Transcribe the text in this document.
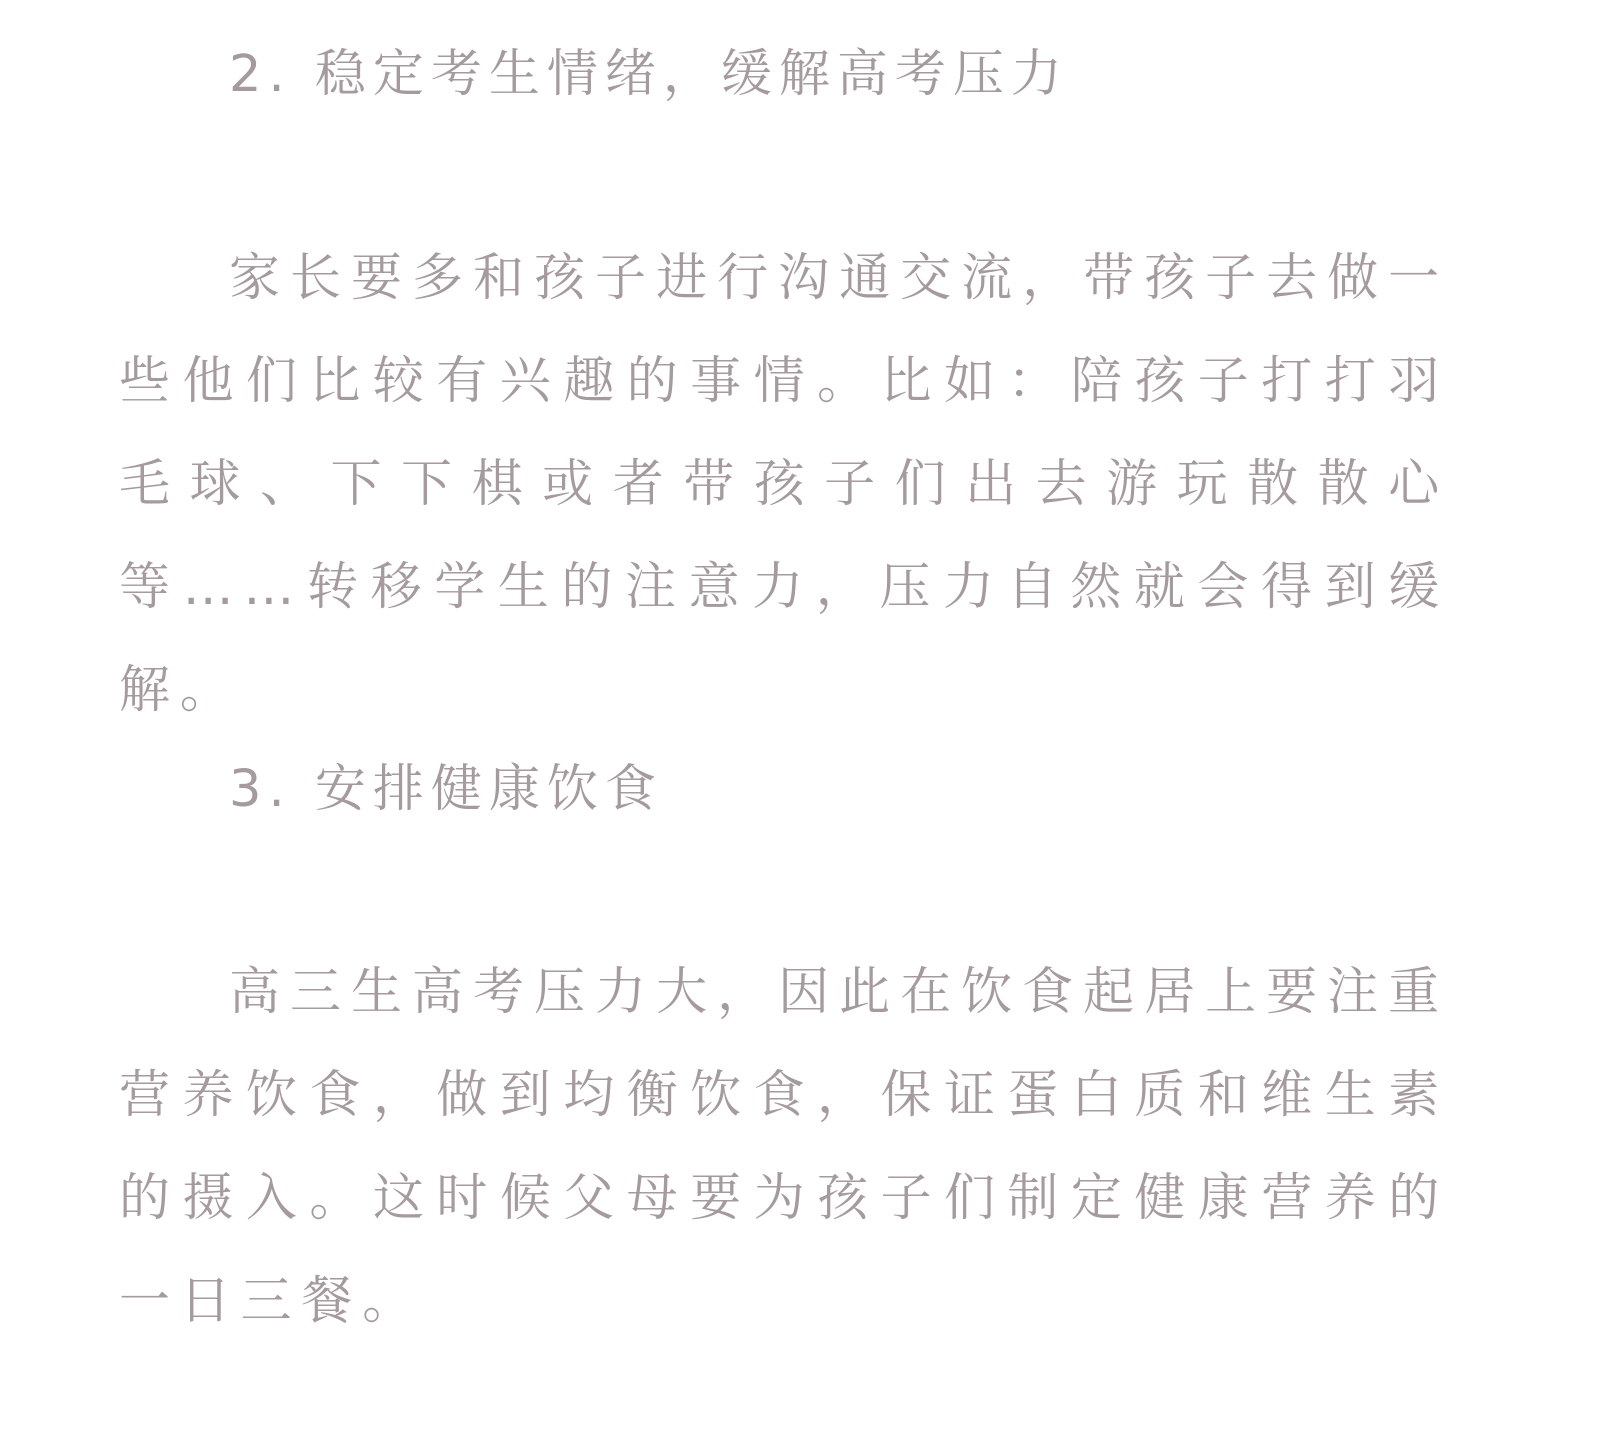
2. 稳定考生情绪，缓解高考压力

家长要多和孩子进行沟通交流，带孩子去做一些他们比较有兴趣的事情。比如：陪孩子打打羽毛球、下下棋或者带孩子们出去游玩散散心等……转移学生的注意力，压力自然就会得到缓解。

3. 安排健康饮食

高三生高考压力大，因此在饮食起居上要注重营养饮食，做到均衡饮食，保证蛋白质和维生素的摄入。这时候父母要为孩子们制定健康营养的一日三餐。
